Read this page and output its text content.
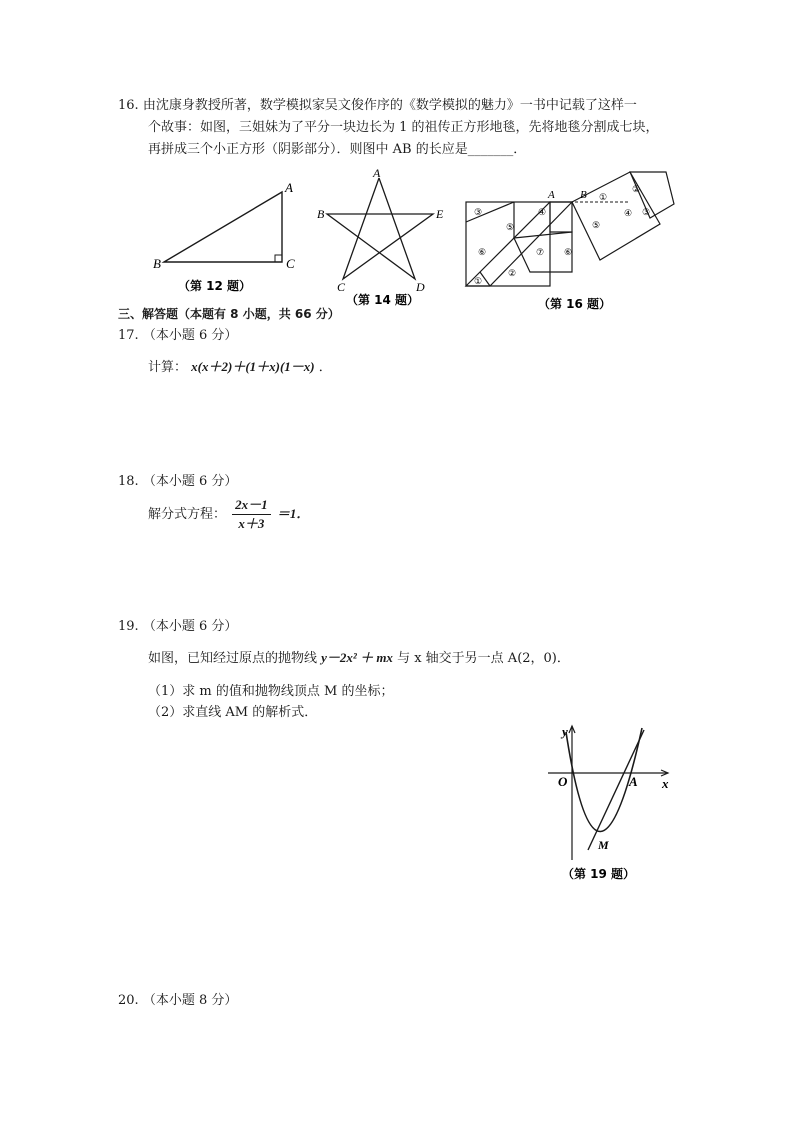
16. 由沈康身教授所著，数学模拟家吴文俊作序的《数学模拟的魅力》一书中记载了这样一
个故事：如图，三姐妹为了平分一块边长为 1 的祖传正方形地毯，先将地毯分割成七块，
再拼成三个小正方形（阴影部分）．则图中 AB 的长应是_______．
A
B	C
（第 12 题）
A
B	E
C	D
（第 14 题）
①
②
③	④
⑤
⑥	⑦
⑤
⑥
②
①
④ ③
A B
（第 16 题）
三、解答题（本题有 8 小题，共 66 分）
17. （本小题 6 分）
计算： x(x＋2)＋(1＋x)(1－x) ．
18. （本小题 6 分）
解分式方程： $\frac{2x-1}{x+3} =1$．
19. （本小题 6 分）
如图，已知经过原点的抛物线 y－2x² ＋ mx 与 x 轴交于另一点 A(2，0)．
（1）求 m 的值和抛物线顶点 M 的坐标；
（2）求直线 AM 的解析式．
y
x
O	A
M
（第 19 题）
20. （本小题 8 分）
